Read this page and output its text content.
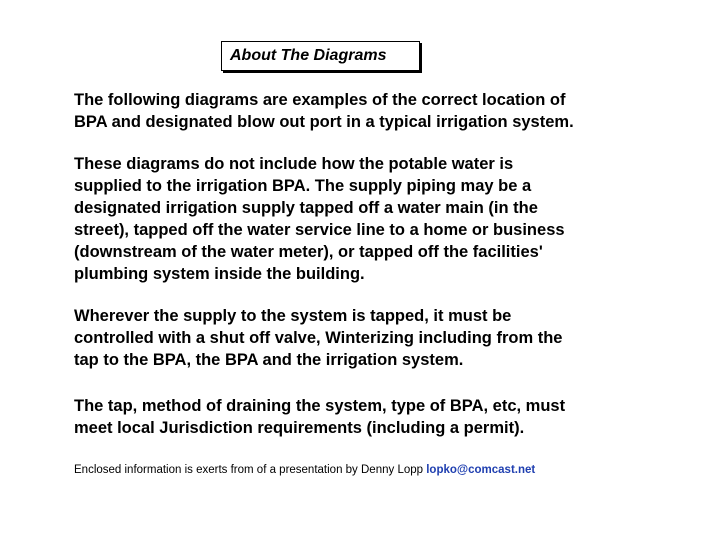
About The Diagrams
The following diagrams are examples of the correct location of
BPA and designated blow out port in a typical irrigation system.
These diagrams do not include how the potable water is
supplied to the irrigation BPA. The supply piping may be a
designated irrigation supply tapped off a water main (in the
street), tapped off the water service line to a home or business
(downstream of the water meter), or tapped off the facilities'
plumbing system inside the building.
Wherever the supply to the system is tapped, it must be
controlled with a shut off valve, Winterizing including from the
tap to the BPA, the BPA and the irrigation system.
The tap, method of draining the system, type of BPA, etc, must
meet local Jurisdiction requirements (including a permit).
Enclosed information is exerts from of a presentation by Denny Lopp lopko@comcast.net
